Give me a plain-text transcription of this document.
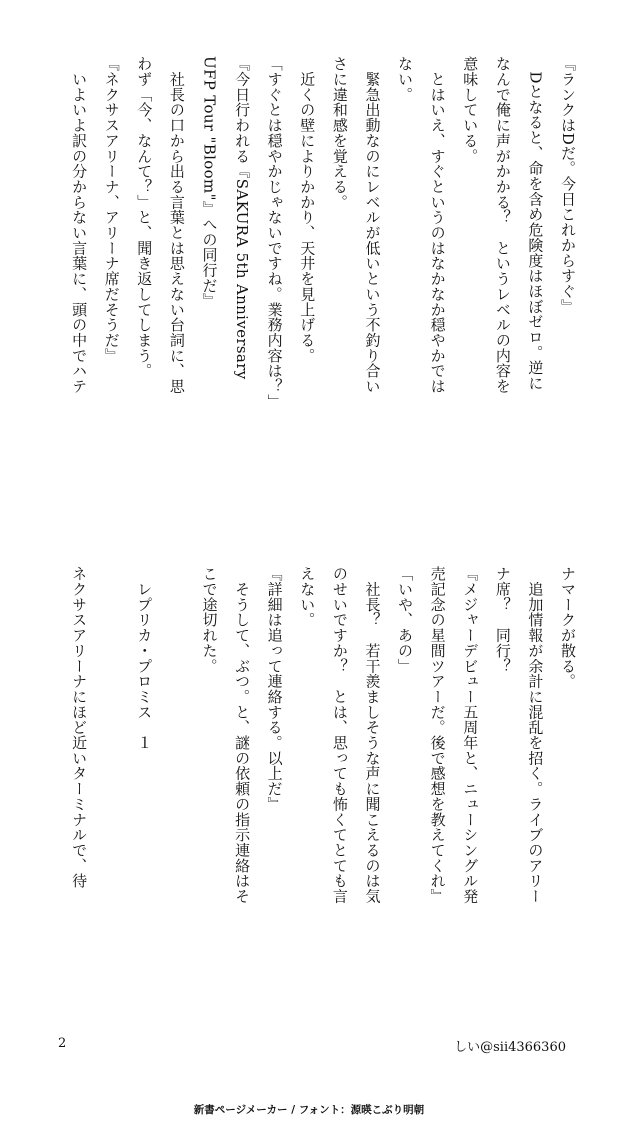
『ランクはDだ。今日これからすぐ』
　Dとなると、命を含め危険度はほぼゼロ。逆に
なんで俺に声がかかる？　というレベルの内容を
意味している。
　とはいえ、すぐというのはなかなか穏やかでは
ない。
　緊急出動なのにレベルが低いという不釣り合い
さに違和感を覚える。
　近くの壁によりかかり、天井を見上げる。
「すぐとは穏やかじゃないですね。業務内容は？」
『今日行われる『SAKURA 5th Anniversary
UFP Tour "Bloom"』への同行だ』
　社長の口から出る言葉とは思えない台詞に、思
わず「今、なんて？」と、聞き返してしまう。
『ネクサスアリーナ、アリーナ席だそうだ』
　いよいよ訳の分からない言葉に、頭の中でハテ
ナマークが散る。
　追加情報が余計に混乱を招く。ライブのアリー
ナ席？　同行？
『メジャーデビュー五周年と、ニューシングル発
売記念の星間ツアーだ。後で感想を教えてくれ』
「いや、あの」
　社長？　若干羨ましそうな声に聞こえるのは気
のせいですか？　とは、思っても怖くてとても言
えない。
『詳細は追って連絡する。以上だ』
　そうして、ぶつ。と、謎の依頼の指示連絡はそ
こで途切れた。

　レプリカ・プロミス　１

ネクサスアリーナにほど近いターミナルで、待
2	しい@sii4366360
新書ページメーカー / フォント：源暎こぶり明朝
